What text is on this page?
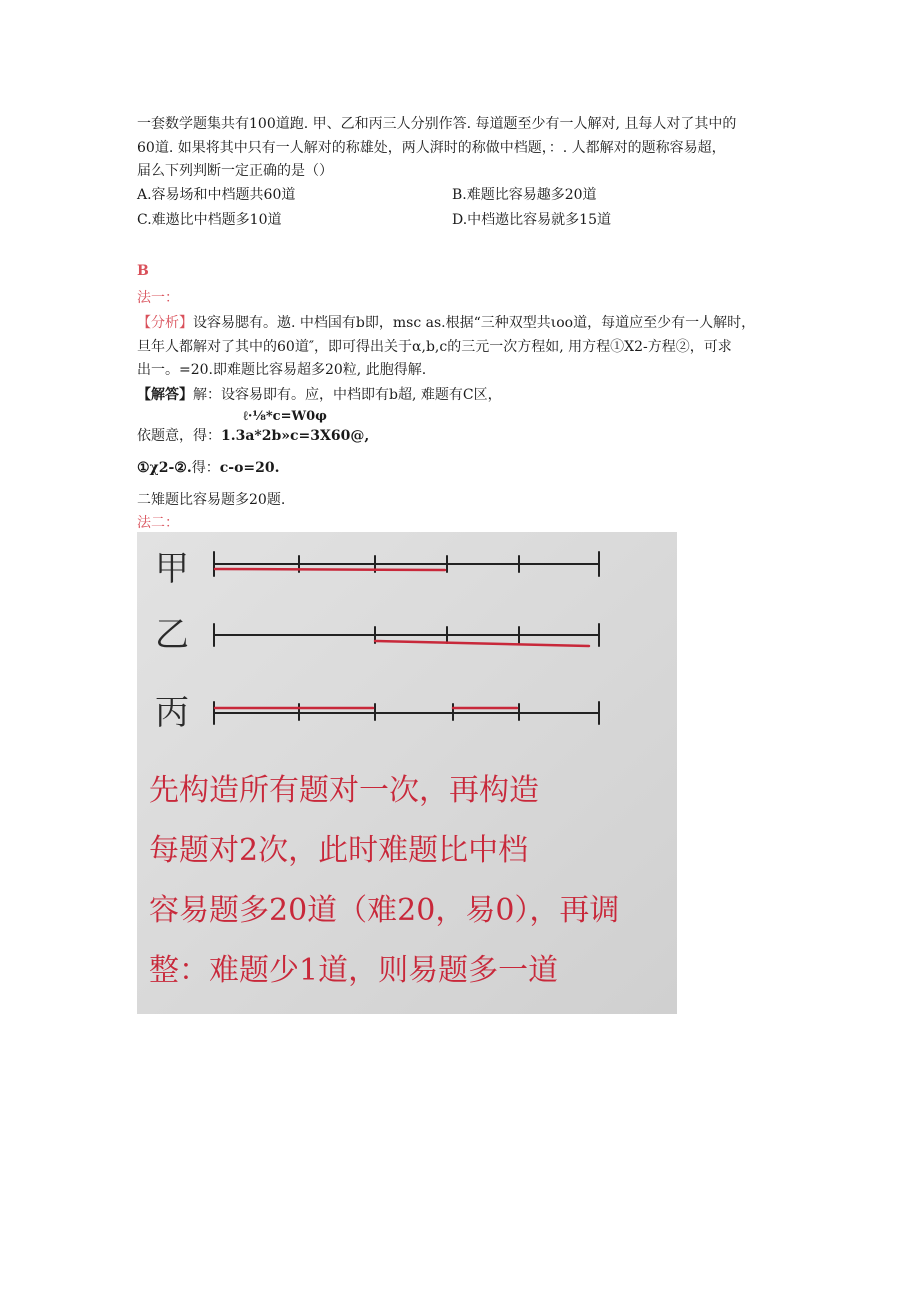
一套数学题集共有100道跑. 甲、乙和丙三人分别作答. 每道题至少有一人解对, 且每人对了其中的
60道. 如果将其中只有一人解对的称雄处，两人湃时的称做中档题，：. 人都解对的题称容易超，
届么下列判断一定正确的是（）
A.容易场和中档题共60道	B.难题比容易趣多20道
C.难遨比中档题多10道	D.中档遨比容易就多15道
B
法一：
【分析】设容易腮有。遨. 中档国有b即，msc as.根据“三种双型共ιoo道，每道应至少有一人解时，
旦年人都解对了其中的60道″，即可得出关于α,b,c的三元一次方程如, 用方程①X2-方程②，可求
出一。=20.即难题比容易超多20粒, 此胞得解.
【解答】解：设容易即有。应，中档即有b超, 难题有C区，
ℓ·⅛*c=W0φ
依题意，得：1.3a*2b»c=3X60@,
①χ2-②.得：c-o=20.
二雉题比容易题多20题.
法二：
甲
乙
丙
先构造所有题对一次，再构造
每题对2次，此时难题比中档
容易题多20道（难20，易0），再调
整：难题少1道，则易题多一道
